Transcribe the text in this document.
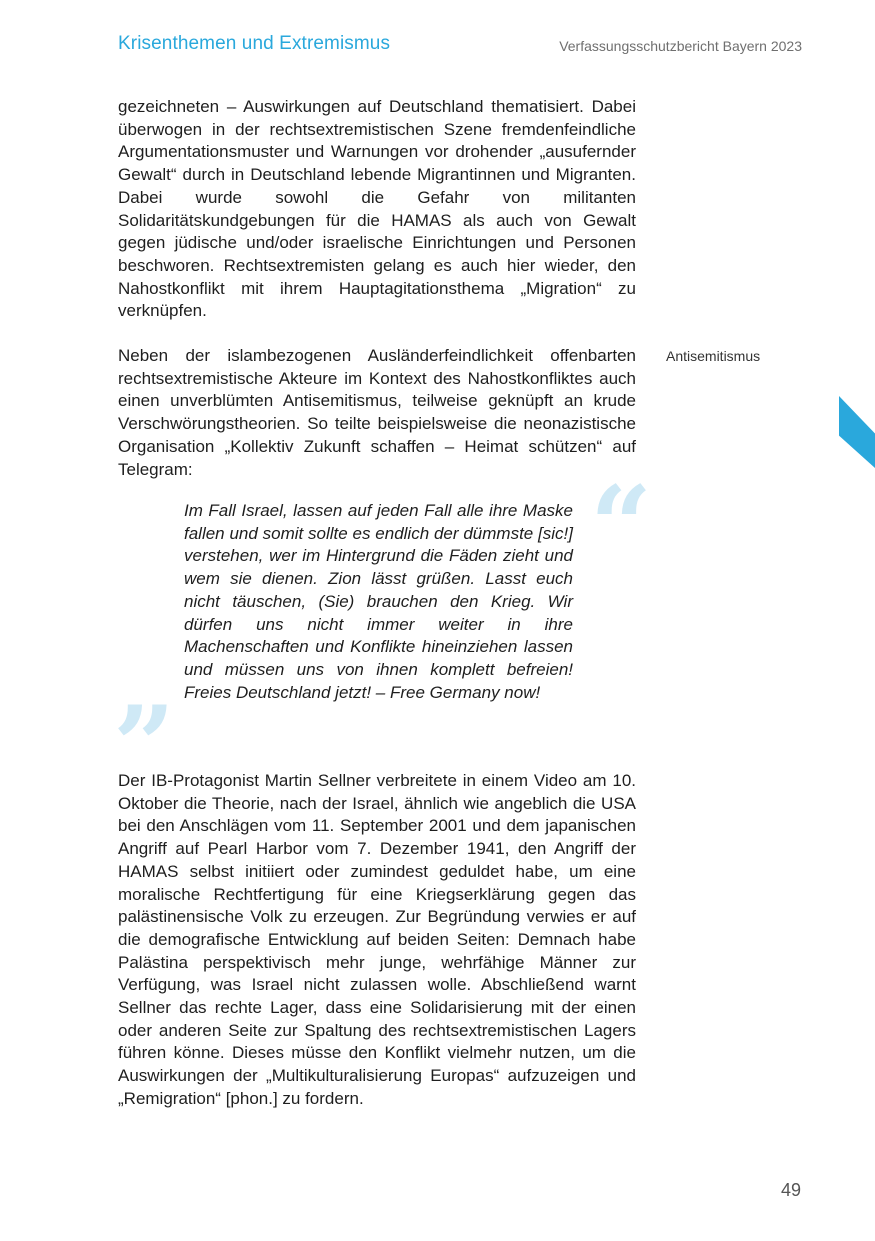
Krisenthemen und Extremismus	Verfassungsschutzbericht Bayern 2023

gezeichneten – Auswirkungen auf Deutschland thematisiert. Dabei überwogen in der rechtsextremistischen Szene fremdenfeindliche Argumentationsmuster und Warnungen vor drohender „ausufernder Gewalt“ durch in Deutschland lebende Migrantinnen und Migranten. Dabei wurde sowohl die Gefahr von militanten Solidaritätskundgebungen für die HAMAS als auch von Gewalt gegen jüdische und/oder israelische Einrichtungen und Personen beschworen. Rechtsextremisten gelang es auch hier wieder, den Nahostkonflikt mit ihrem Hauptagitationsthema „Migration“ zu verknüpfen.

Antisemitismus

Neben der islambezogenen Ausländerfeindlichkeit offenbarten rechtsextremistische Akteure im Kontext des Nahostkonfliktes auch einen unverblümten Antisemitismus, teilweise geknüpft an krude Verschwörungstheorien. So teilte beispielsweise die neonazistische Organisation „Kollektiv Zukunft schaffen – Heimat schützen“ auf Telegram:	“

Im Fall Israel, lassen auf jeden Fall alle ihre Maske fallen und somit sollte es endlich der dümmste [sic!] verstehen, wer im Hintergrund die Fäden zieht und wem sie dienen. Zion lässt grüßen. Lasst euch nicht täuschen, (Sie) brauchen den Krieg. Wir dürfen uns nicht immer weiter in ihre Machenschaften und Konflikte hineinziehen lassen und müssen uns von ihnen komplett befreien! Freies Deutschland jetzt! – Free Germany now!

”

Der IB-Protagonist Martin Sellner verbreitete in einem Video am 10. Oktober die Theorie, nach der Israel, ähnlich wie angeblich die USA bei den Anschlägen vom 11. September 2001 und dem japanischen Angriff auf Pearl Harbor vom 7. Dezember 1941, den Angriff der HAMAS selbst initiiert oder zumindest geduldet habe, um eine moralische Rechtfertigung für eine Kriegserklärung gegen das palästinensische Volk zu erzeugen. Zur Begründung verwies er auf die demografische Entwicklung auf beiden Seiten: Demnach habe Palästina perspektivisch mehr junge, wehrfähige Männer zur Verfügung, was Israel nicht zulassen wolle. Abschließend warnt Sellner das rechte Lager, dass eine Solidarisierung mit der einen oder anderen Seite zur Spaltung des rechtsextremistischen Lagers führen könne. Dieses müsse den Konflikt vielmehr nutzen, um die Auswirkungen der „Multikulturalisierung Europas“ aufzuzeigen und „Remigration“ [phon.] zu fordern.

49
